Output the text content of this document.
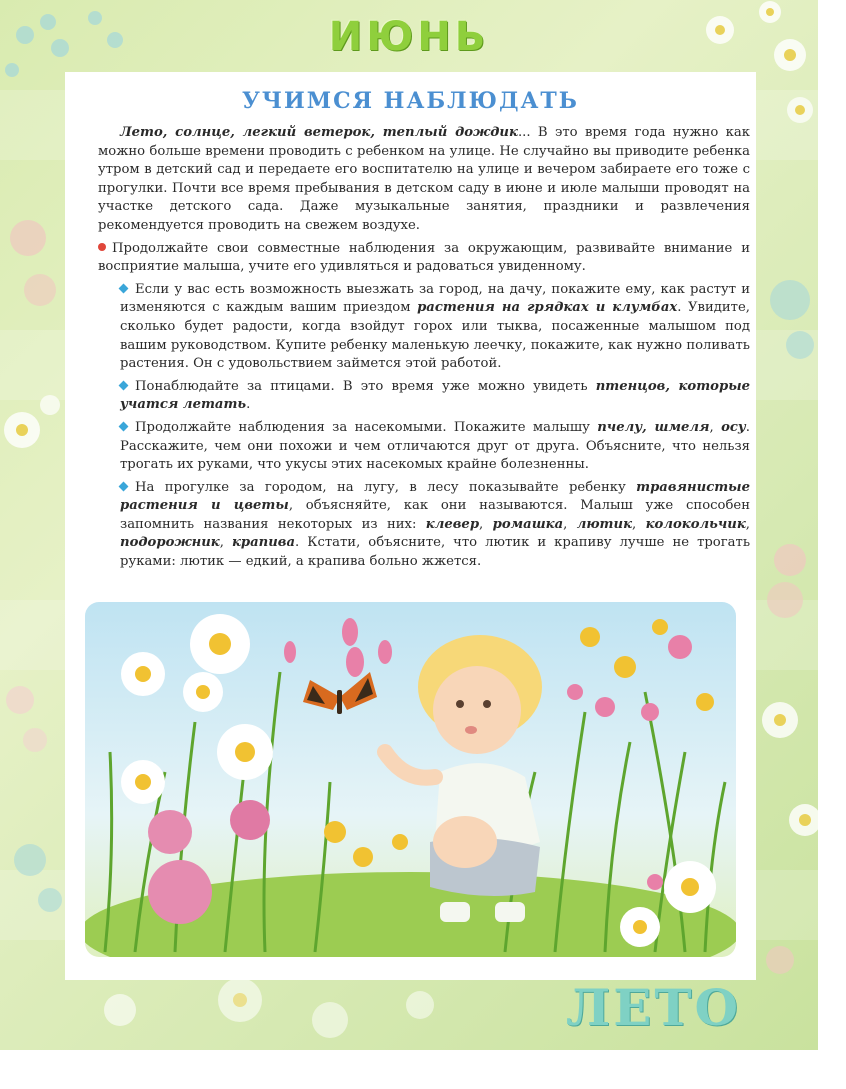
ИЮНЬ
УЧИМСЯ НАБЛЮДАТЬ

Лето, солнце, легкий ветерок, теплый дождик... В это время года нужно как можно больше времени проводить с ребенком на улице. Не случайно вы приводите ребенка утром в детский сад и передаете его воспитателю на улице и вечером забираете его тоже с прогулки. Почти все время пребывания в детском саду в июне и июле малыши проводят на участке детского сада. Даже музыкальные занятия, праздники и развлечения рекомендуется проводить на свежем воздухе.

Продолжайте свои совместные наблюдения за окружающим, развивайте внимание и восприятие малыша, учите его удивляться и радоваться увиденному.

Если у вас есть возможность выезжать за город, на дачу, покажите ему, как растут и изменяются с каждым вашим приездом растения на грядках и клумбах. Увидите, сколько будет радости, когда взойдут горох или тыква, посаженные малышом под вашим руководством. Купите ребенку маленькую леечку, покажите, как нужно поливать растения. Он с удовольствием займется этой работой.

Понаблюдайте за птицами. В это время уже можно увидеть птенцов, которые учатся летать.

Продолжайте наблюдения за насекомыми. Покажите малышу пчелу, шмеля, осу. Расскажите, чем они похожи и чем отличаются друг от друга. Объясните, что нельзя трогать их руками, что укусы этих насекомых крайне болезненны.

На прогулке за городом, на лугу, в лесу показывайте ребенку травянистые растения и цветы, объясняйте, как они называются. Малыш уже способен запомнить названия некоторых из них: клевер, ромашка, лютик, колокольчик, подорожник, крапива. Кстати, объясните, что лютик и крапиву лучше не трогать руками: лютик — едкий, а крапива больно жжется.

ЛЕТО
